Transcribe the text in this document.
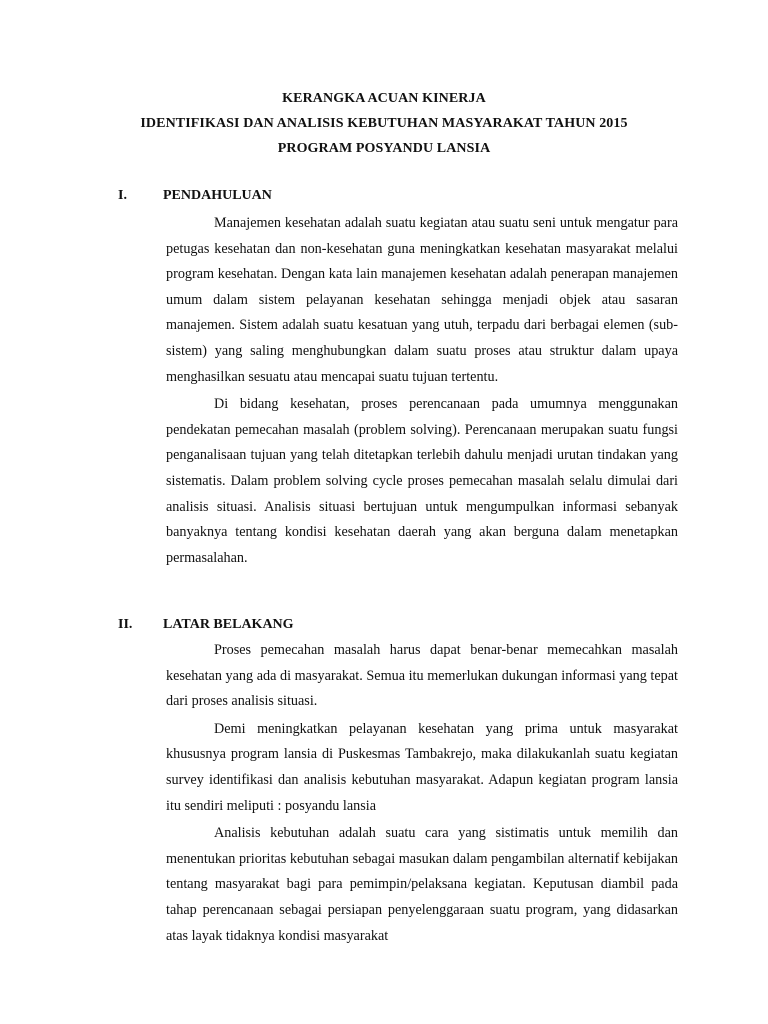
KERANGKA ACUAN KINERJA
IDENTIFIKASI DAN ANALISIS KEBUTUHAN MASYARAKAT TAHUN 2015
PROGRAM POSYANDU LANSIA
I.	PENDAHULUAN

Manajemen kesehatan adalah suatu kegiatan atau suatu seni untuk mengatur para petugas kesehatan dan non-kesehatan guna meningkatkan kesehatan masyarakat melalui program kesehatan. Dengan kata lain manajemen kesehatan adalah penerapan manajemen umum dalam sistem pelayanan kesehatan sehingga menjadi objek atau sasaran manajemen. Sistem adalah suatu kesatuan yang utuh, terpadu dari berbagai elemen (sub-sistem) yang saling menghubungkan dalam suatu proses atau struktur dalam upaya menghasilkan sesuatu atau mencapai suatu tujuan tertentu.

Di bidang kesehatan, proses perencanaan pada umumnya menggunakan pendekatan pemecahan masalah (problem solving). Perencanaan merupakan suatu fungsi penganalisaan tujuan yang telah ditetapkan terlebih dahulu menjadi urutan tindakan yang sistematis. Dalam problem solving cycle proses pemecahan masalah selalu dimulai dari analisis situasi. Analisis situasi bertujuan untuk mengumpulkan informasi sebanyak banyaknya tentang kondisi kesehatan daerah yang akan berguna dalam menetapkan permasalahan.

II.	LATAR BELAKANG

Proses pemecahan masalah harus dapat benar-benar memecahkan masalah kesehatan yang ada di masyarakat. Semua itu memerlukan dukungan informasi yang tepat dari proses analisis situasi.

Demi meningkatkan pelayanan kesehatan yang prima untuk masyarakat khususnya program lansia di Puskesmas Tambakrejo, maka dilakukanlah suatu kegiatan survey identifikasi dan analisis kebutuhan masyarakat. Adapun kegiatan program lansia itu sendiri meliputi : posyandu lansia

Analisis kebutuhan adalah suatu cara yang sistimatis untuk memilih dan menentukan prioritas kebutuhan sebagai masukan dalam pengambilan alternatif kebijakan tentang masyarakat bagi para pemimpin/pelaksana kegiatan. Keputusan diambil pada tahap perencanaan sebagai persiapan penyelenggaraan suatu program, yang didasarkan atas layak tidaknya kondisi masyarakat
